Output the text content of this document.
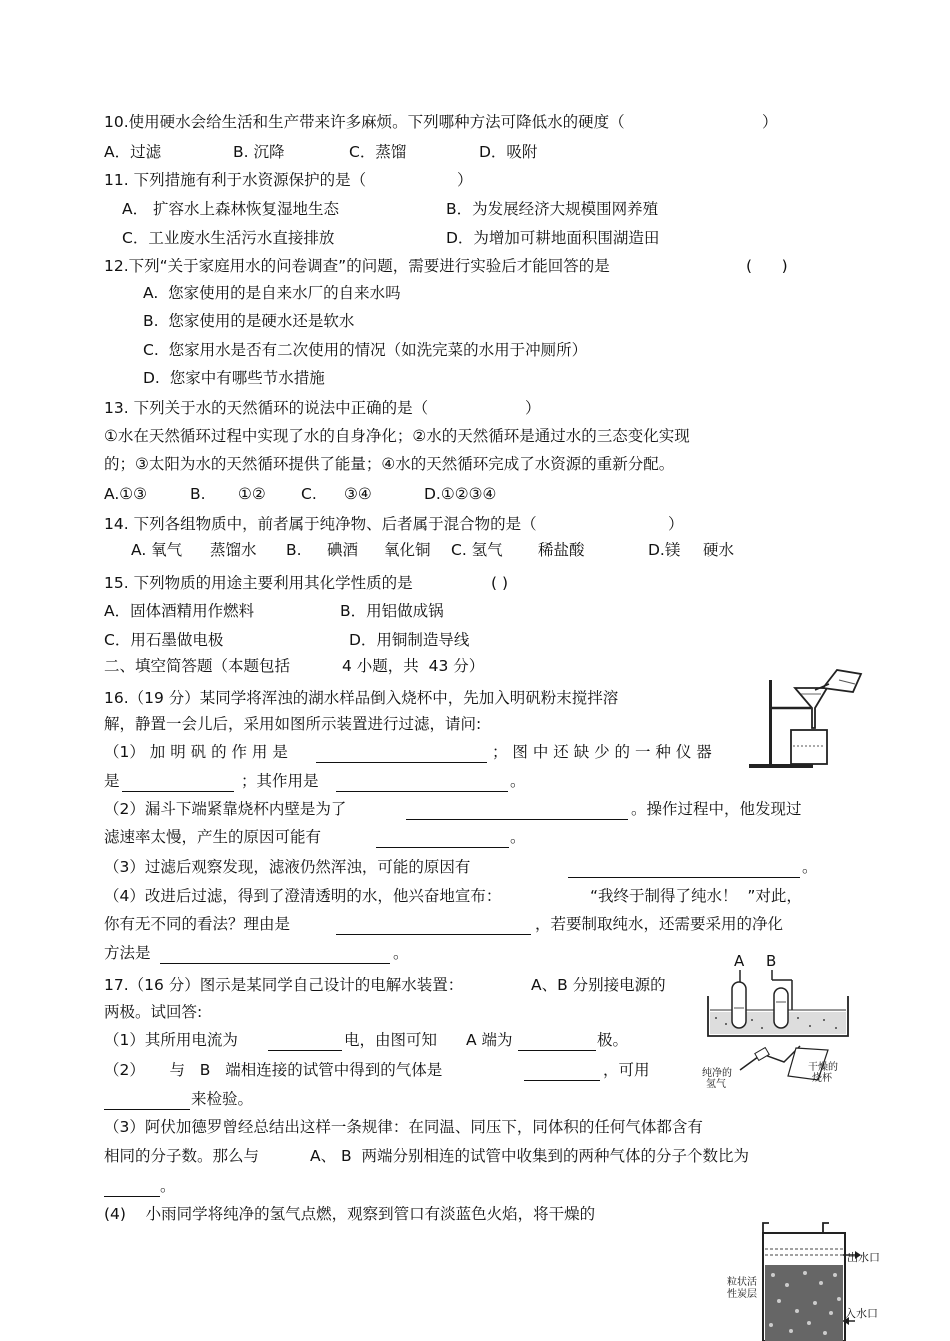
10.使用硬水会给生活和生产带来许多麻烦。下列哪种方法可降低水的硬度（	）
A．过滤	B. 沉降	C．蒸馏	D．吸附
11. 下列措施有利于水资源保护的是（	）
A． 扩容水上森林恢复湿地生态	B．为发展经济大规模围网养殖
C．工业废水生活污水直接排放	D．为增加可耕地面积围湖造田
12.下列“关于家庭用水的问卷调查”的问题，需要进行实验后才能回答的是	(      )
A.  您家使用的是自来水厂的自来水吗
B.  您家使用的是硬水还是软水
C.  您家用水是否有二次使用的情况（如洗完菜的水用于冲厕所）
D.  您家中有哪些节水措施
13. 下列关于水的天然循环的说法中正确的是（	）
①水在天然循环过程中实现了水的自身净化；②水的天然循环是通过水的三态变化实现
的；③太阳为水的天然循环提供了能量；④水的天然循环完成了水资源的重新分配。
A.①③	B. ①② C. ③④	D.①②③④
14. 下列各组物质中，前者属于纯净物、后者属于混合物的是（	）
A. 氧气 蒸馏水 B. 碘酒 氧化铜 C. 氢气 稀盐酸	D.镁 硬水
15. 下列物质的用途主要利用其化学性质的是	( )
A．固体酒精用作燃料	B．用铝做成锅
C．用石墨做电极	D．用铜制造导线
二、填空简答题（本题包括	4 小题，共  43 分）
16.（19 分）某同学将浑浊的湖水样品倒入烧杯中，先加入明矾粉末搅拌溶
解，静置一会儿后，采用如图所示装置进行过滤，请问:
（1） 加 明 矾 的 作 用 是	； 图 中 还 缺 少 的 一 种 仪 器
是	；其作用是	。
（2）漏斗下端紧靠烧杯内壁是为了	。操作过程中，他发现过
滤速率太慢，产生的原因可能有	。
（3）过滤后观察发现，滤液仍然浑浊，可能的原因有	。
（4）改进后过滤，得到了澄清透明的水，他兴奋地宣布：	“我终于制得了纯水！  ”对此，
你有无不同的看法？理由是	，若要制取纯水，还需要采用的净化
方法是	。
17.（16 分）图示是某同学自己设计的电解水装置：	A、B 分别接电源的
两极。试回答:
（1）其所用电流为	电，由图可知 A 端为	极。
（2）     与   B   端相连接的试管中得到的气体是	，可用
来检验。
（3）阿伏加德罗曾经总结出这样一条规律：在同温、同压下，同体积的任何气体都含有
相同的分子数。那么与	A、 B  两端分别相连的试管中收集到的两种气体的分子个数比为
。
(4)    小雨同学将纯净的氢气点燃，观察到管口有淡蓝色火焰，将干燥的
A B
纯净的氢气
干燥的烧杯
出水口
入水口
粒状活性炭层
